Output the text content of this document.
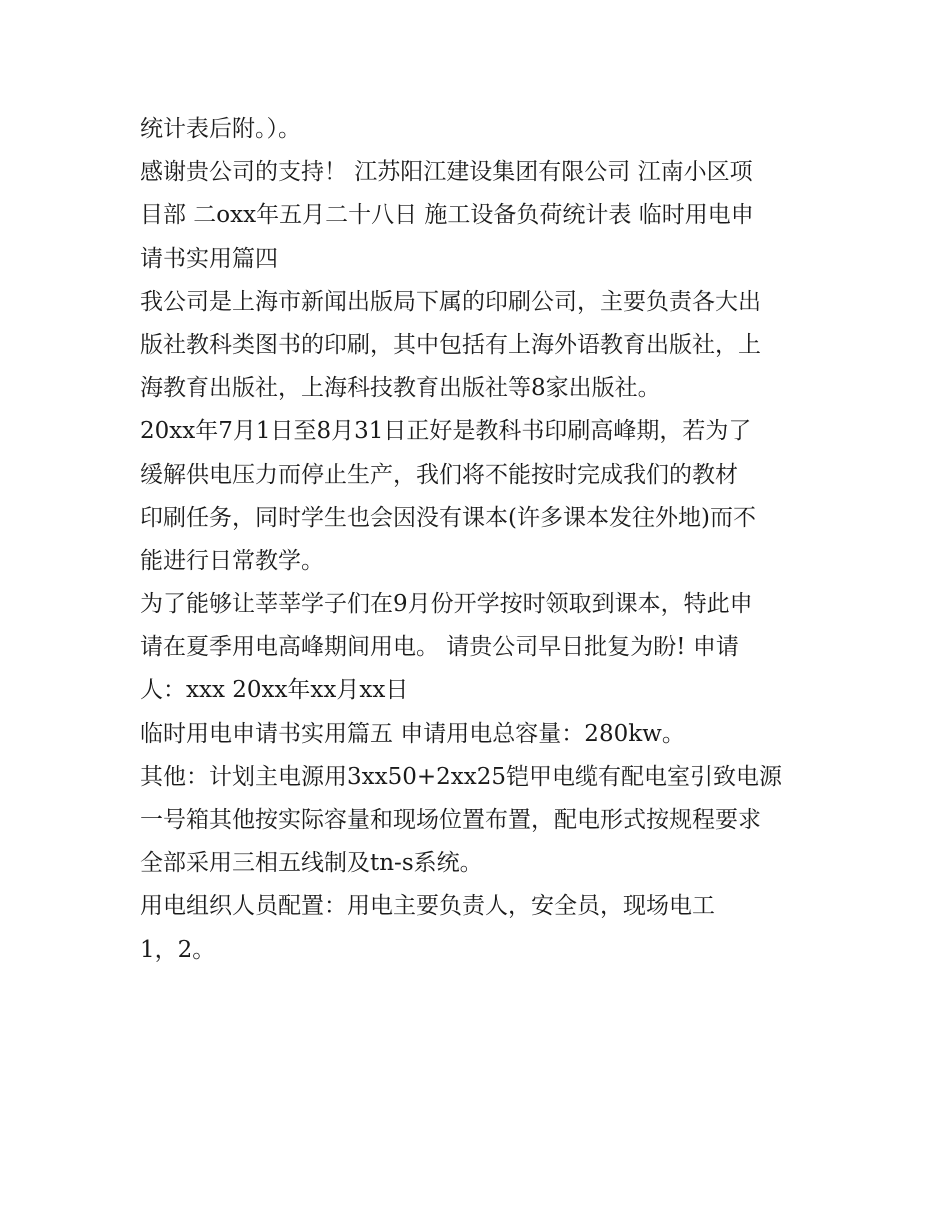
统计表后附。）。
感谢贵公司的支持！ 江苏阳江建设集团有限公司 江南小区项
目部 二oxx年五月二十八日 施工设备负荷统计表 临时用电申
请书实用篇四
我公司是上海市新闻出版局下属的印刷公司，主要负责各大出
版社教科类图书的印刷，其中包括有上海外语教育出版社，上
海教育出版社，上海科技教育出版社等8家出版社。
20xx年7月1日至8月31日正好是教科书印刷高峰期，若为了
缓解供电压力而停止生产，我们将不能按时完成我们的教材
印刷任务，同时学生也会因没有课本(许多课本发往外地)而不
能进行日常教学。
为了能够让莘莘学子们在9月份开学按时领取到课本，特此申
请在夏季用电高峰期间用电。 请贵公司早日批复为盼! 申请
人：xxx 20xx年xx月xx日
临时用电申请书实用篇五 申请用电总容量：280kw。
其他：计划主电源用3xx50+2xx25铠甲电缆有配电室引致电源
一号箱其他按实际容量和现场位置布置，配电形式按规程要求
全部采用三相五线制及tn-s系统。
用电组织人员配置：用电主要负责人，安全员，现场电工
1，2。
